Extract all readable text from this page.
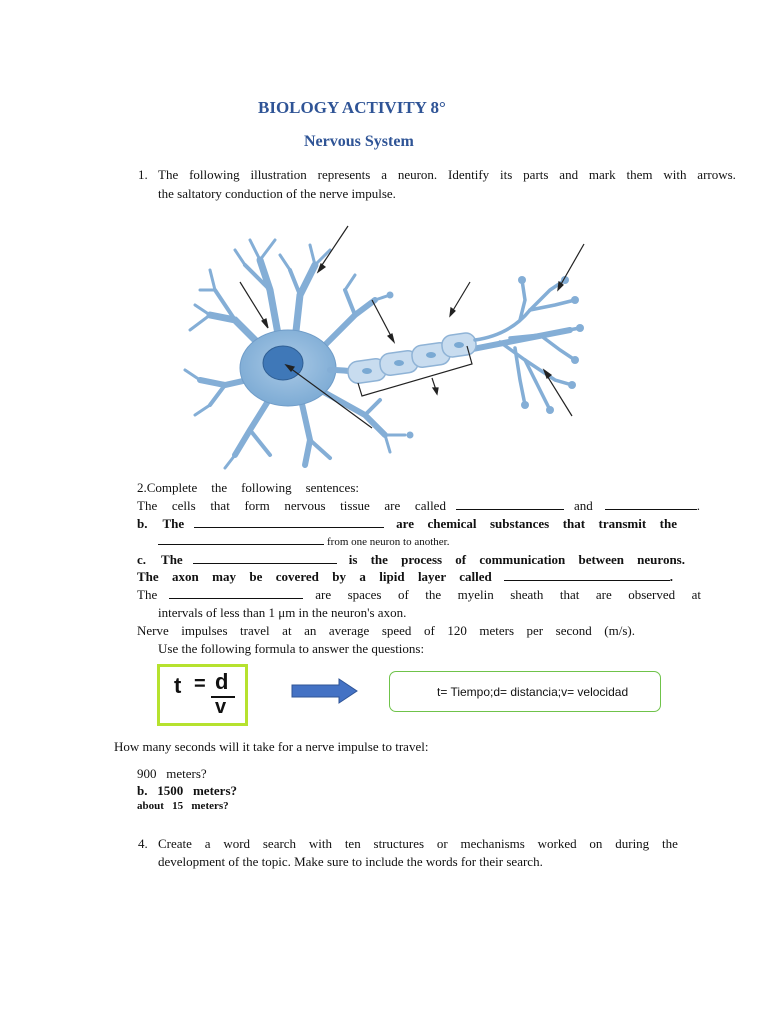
BIOLOGY ACTIVITY 8°
Nervous System
1. The following illustration represents a neuron. Identify its parts and mark them with arrows.
the saltatory conduction of the nerve impulse.
2.Complete the following sentences:
The cells that form nervous tissue are called	and	.
b. The	are chemical substances that transmit the
from one neuron to another.
c. The	is the process of communication between neurons.
The axon may be covered by a lipid layer called	.
The	are spaces of the myelin sheath that are observed at
intervals of less than 1 μm in the neuron's axon.
Nerve impulses travel at an average speed of 120 meters per second (m/s).
Use the following formula to answer the questions:
t = d
v
t= Tiempo;d= distancia;v= velocidad
How many seconds will it take for a nerve impulse to travel:
900   meters?
b.   1500   meters?
about   15   meters?
4. Create a word search with ten structures or mechanisms worked on during the
development of the topic. Make sure to include the words for their search.
